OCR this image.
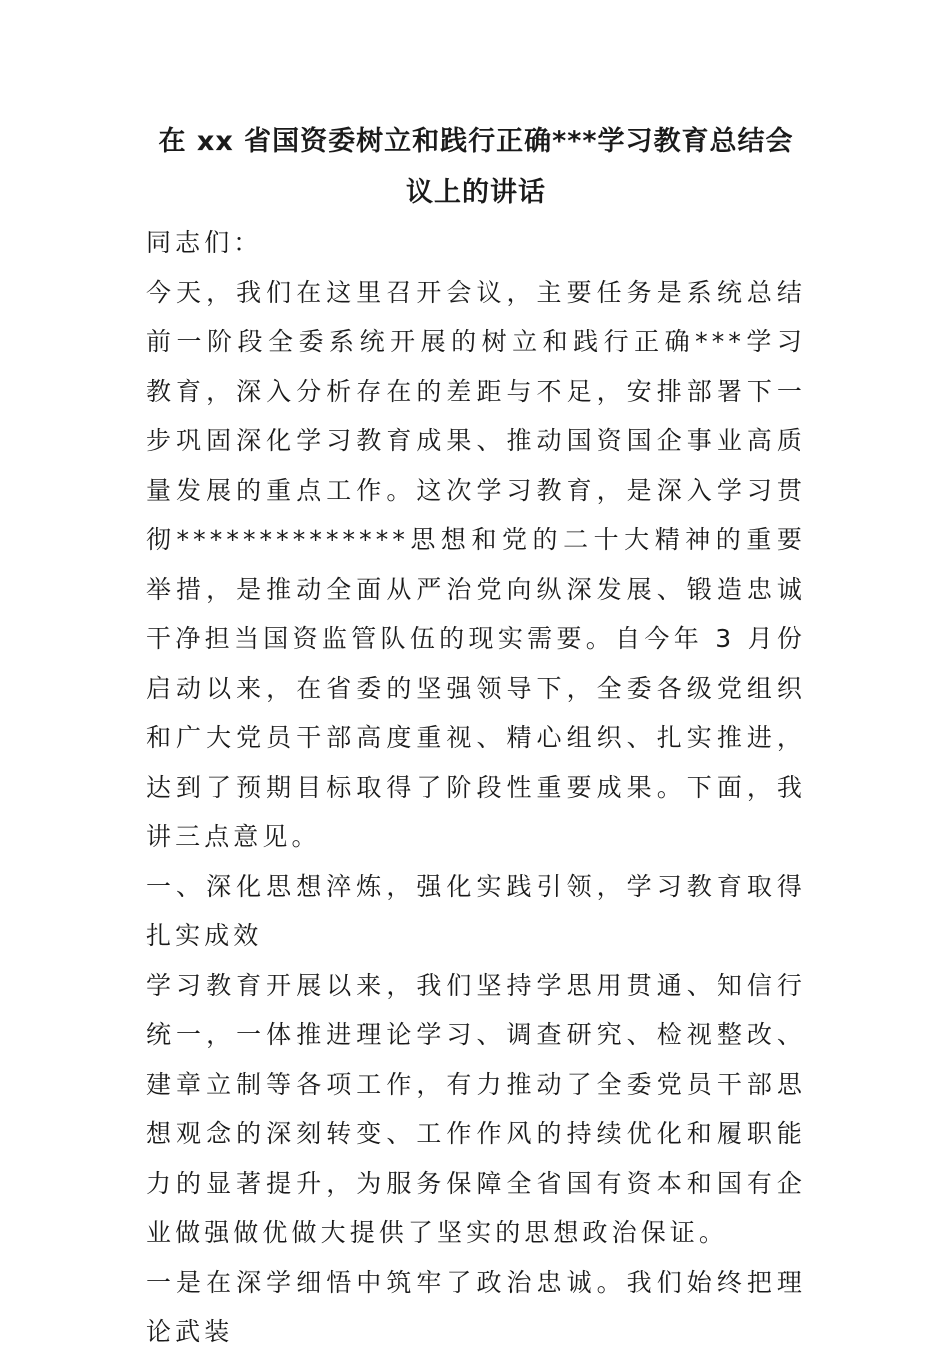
在 xx 省国资委树立和践行正确***学习教育总结会议上的讲话

同志们：

今天，我们在这里召开会议，主要任务是系统总结前一阶段全委系统开展的树立和践行正确***学习教育，深入分析存在的差距与不足，安排部署下一步巩固深化学习教育成果、推动国资国企事业高质量发展的重点工作。这次学习教育，是深入学习贯彻**************思想和党的二十大精神的重要举措，是推动全面从严治党向纵深发展、锻造忠诚干净担当国资监管队伍的现实需要。自今年 3 月份启动以来，在省委的坚强领导下，全委各级党组织和广大党员干部高度重视、精心组织、扎实推进，达到了预期目标取得了阶段性重要成果。下面，我讲三点意见。

一、深化思想淬炼，强化实践引领，学习教育取得扎实成效

学习教育开展以来，我们坚持学思用贯通、知信行统一，一体推进理论学习、调查研究、检视整改、建章立制等各项工作，有力推动了全委党员干部思想观念的深刻转变、工作作风的持续优化和履职能力的显著提升，为服务保障全省国有资本和国有企业做强做优做大提供了坚实的思想政治保证。

一是在深学细悟中筑牢了政治忠诚。我们始终把理论武装
